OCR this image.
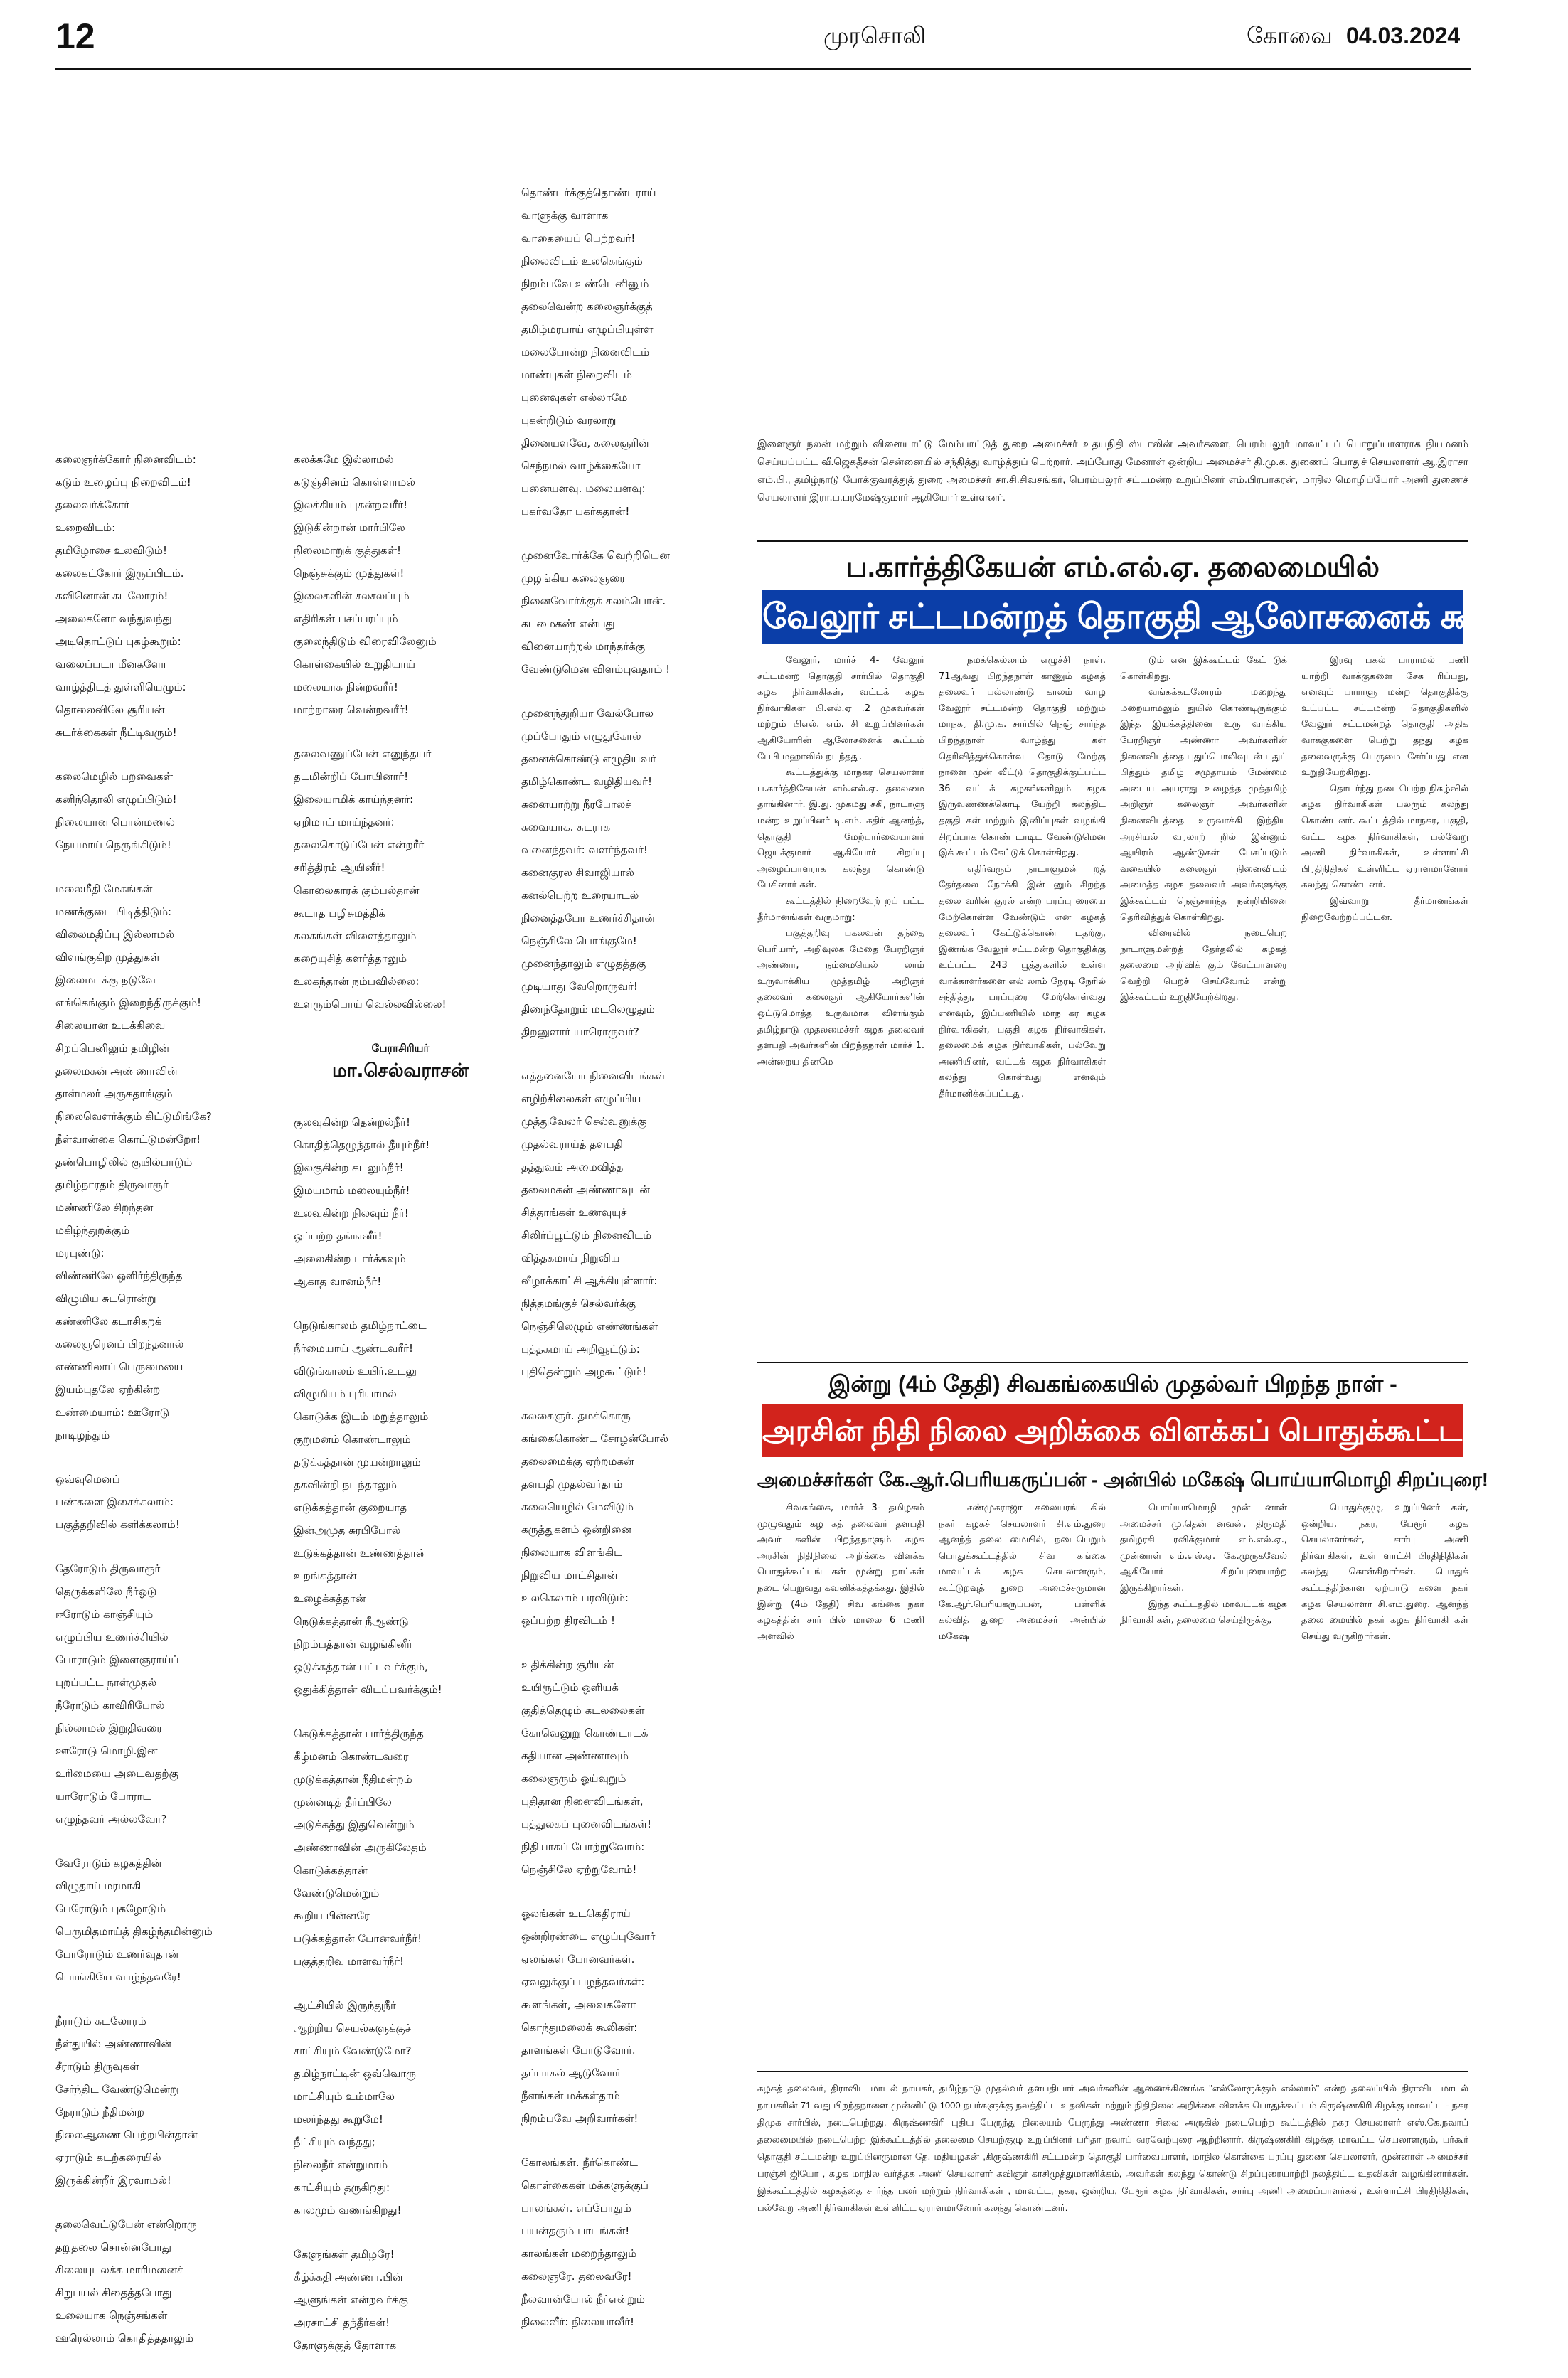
12	முரசொலி	கோவை 04.03.2024
கலைஞர்க்கோர் நினைவிடம்:
கடும் உழைப்பு நிறைவிடம்!
தலைவர்க்கோர்
உறைவிடம்:
தமிழோசை உலவிடும்!
கலைகட்கோர் இருப்பிடம்.
கவினொன் கடலோரம்!
அலைகளோ வந்துவந்து
அடிதொட்டுப் புகழ்கூறும்:
வலைப்படா மீனகளோ
வாழ்த்திடத் துள்ளியெழும்:
தொலைவிலே சூரியன்
சுடர்க்கைகள் நீட்டிவரும்!
கலைமெழில் பறவைகள்
கனிந்தொலி எழுப்பிடும்!
நிலையான பொன்மணல்
நேயமாய் நெருங்கிடும்!
மலைமீதி மேகங்கள்
மணக்குடை பிடித்திடும்:
விலைமதிப்பு இல்லாமல்
விளங்குகிற முத்துகள்
இலைமடக்கு நடுவே
எங்கெங்கும் இறைந்திருக்கும்!
சிலையான உடக்கிவை
சிறப்பெனிலும் தமிழின்
தலைமகன் அண்ணாவின்
தாள்மலர் அருகதாங்கும்
நிலைவெளர்க்கும் கிட்டுமிங்கே?
நீள்வான்கை கொட்டுமன்றோ!
தண்பொழிலில் குயில்பாடும்
தமிழ்நாரதம் திருவாரூர்
மண்ணிலே சிறந்தன
மகிழ்ந்துறக்கும்
மரபுண்டு:
விண்ணிலே ஒளிர்ந்திருந்த
விழுமிய சுடரொன்று
கண்ணிலே கடாசிகறக்
கலைஞரெனப் பிறந்தனால்
எண்ணிலாப் பெருமையை
இயம்புதலே ஏற்கின்ற
உண்மையாம்: ஊரோடு
நாடிழந்தும்
ஒவ்வுமெனப்
பண்களை இசைக்கலாம்:
பகுத்தறிவில் களிக்கலாம்!
தேரோடும் திருவாரூர்
தெருக்களிலே நீர்ஓடு
ஈரோடும் காஞ்சியும்
எழுப்பிய உணர்ச்சியில்
போராடும் இளைஞராய்ப்
புறப்பட்ட நாள்முதல்
நீரோடும் காவிரிபோல்
நில்லாமல் இறுதிவரை
ஊரோடு மொழி.இன
உரிமையை அடைவதற்கு
யாரோடும் போராட
எழுந்தவர் அல்லவோ?
வேரோடும் கழகத்தின்
விழுதாய் மரமாகி
பேரோடும் புகழோடும்
பெருமிதமாய்த் திகழ்ந்தமின்னும்
போரோடும் உணர்வுதான்
பொங்கியே வாழ்ந்தவரே!
நீராடும் கடலோரம்
நீள்துயில் அண்ணாவின்
சீராடும் திருவுகள்
சேர்ந்திட வேண்டுமென்று
நேராடும் நீதிமன்ற
நிலைஆணை பெற்றபின்தான்
ஏராடும் கடற்கரையில்
இருக்கின்றீர் இரவாமல்!
தலைவெட்டுபேன் என்றொரு
தறுதலை சொன்னபோது
சிலையுடலக்க மாரிமனைச்
சிறுபயல் சிதைத்தபோது
உலையாக நெஞ்சங்கள்
ஊரெல்லாம் கொதித்ததாலும்
கலக்கமே இல்லாமல்
கடுஞ்சினம் கொள்ளாமல்
இலக்கியம் புகன்றவரீர்!
இடுகின்றான் மார்பிலே
நிலைமாறுக் குத்துகள்!
நெஞ்சுக்கும் முத்துகள்!
இலைகளின் சலசலப்பும்
எதிரிகள் பசப்பரப்பும்
குலைந்திடும் விரைவிலேனும்
கொள்கையில் உறுதியாய்
மலையாக நின்றவரீர்!
மாற்றாரை வென்றவரீர்!
தலைவணுப்பேன் எனுந்தயா்
தடமின்றிப் போயினார்!
இலையாமிக் காய்ந்தனர்:
ஏறிமாய் மாய்ந்தனர்:
தலைகொடுப்பேன் என்றரீர்
சரித்திரம் ஆயினீர்!
கொலைகாரக் கும்பல்தான்
கூடாத பழிசுமத்திக்
கலகங்கள் விளைத்தாலும்
கறையுசித் களர்த்தாலும்
உலகந்தான் நம்பவில்லை:
உளரும்பொய் வெல்லவில்லை!
பேராசிரியர்
மா.செல்வராசன்
குலவுகின்ற தென்றல்நீர்!
கொதித்தெழுந்தால் தீயும்நீர்!
இலகுகின்ற கடலும்நீர்!
இமயமாம் மலையும்நீர்!
உலவுகின்ற நிலவும் நீர்!
ஒப்பற்ற தங்ஙனீர்!
அலைகின்ற பார்க்கவும்
ஆகாத வானம்நீர்!
நெடுங்காலம் தமிழ்நாட்டை
நீர்மையாய் ஆண்டவரீர்!
விடுங்காலம் உயிர்.உடலு
விழுமியம் புரியாமல்
கொடுக்க இடம் மறுத்தாலும்
குறுமனம் கொண்டாலும்
தடுக்கத்தான் முயன்றாலும்
தகவின்றி நடந்தாலும்
எடுக்கத்தான் குறையாத
இன்அமுத சுரபிபோல்
உடுக்கத்தான் உண்ணத்தான்
உறங்கத்தான்
உழைக்கத்தான்
நெடுக்கத்தான் நீஆண்டு
நிறம்பத்தான் வழங்கினீர்
ஒடுக்கத்தான் பட்டவர்க்கும்,
ஒதுக்கித்தான் விடப்பவர்க்கும்!
கெடுக்கத்தான் பார்த்திருந்த
கீழ்மனம் கொண்டவரை
முடுக்கத்தான் நீதிமன்றம்
முன்னடித் தீர்ப்பிலே
அடுக்கத்து இதுவென்றும்
அண்ணாவின் அருகிலேதம்
கொடுக்கத்தான்
வேண்டுமென்றும்
கூறிய பின்னரே
படுக்கத்தான் போனவர்நீர்!
பகுத்தறிவு மாளவர்நீர்!
ஆட்சியில் இருந்துநீர்
ஆற்றிய செயல்களுக்குச்
சாட்சியும் வேண்டுமோ?
தமிழ்நாட்டின் ஒவ்வொரு
மாட்சியும் உம்மாலே
மலர்ந்தது கூறுமே!
நீட்சியும் வந்தது;
நிலைநீர் என்றுமாம்
காட்சியும் தருகிறது:
காலமும் வணங்கிறது!
கேளுங்கள் தமிழரே!
கீழ்க்கதி அண்ணா.பின்
ஆளுங்கள் என்றவர்க்கு
அரசாட்சி தந்தீர்கள்!
தோளுக்குத் தோளாக
தொண்டர்க்குத்தொண்டராய்
வாளுக்கு வாளாக
வாகையைப் பெற்றவர்!
நிலைவிடம் உலகெங்கும்
நிறம்பவே உண்டெனினும்
தலைவென்ற கலைஞர்க்குத்
தமிழ்மரபாய் எழுப்பியுள்ள
மலைபோன்ற நினைவிடம்
மாண்புகள் நிறைவிடம்
புனைவுகள் எல்லாமே
புகன்றிடும் வரலாறு
தினையளவே, கலைஞரின்
செந்நமல் வாழ்க்கையோ
பனையளவு. மலையளவு:
பகர்வதோ பகர்கதான்!
முனைவோர்க்கே வெற்றியென
முழங்கிய கலைஞரை
நினைவோர்க்குக் கலம்பொன்.
கடமைகண் என்பது
வினையாற்றல் மாந்தர்க்கு
வேண்டுமென விளம்புவதாம் !
முனைந்துறியா வேல்போல
முப்போதும் எழுதுகோல்
தனைக்கொண்டு எழுதியவர்
தமிழ்கொண்ட வழிதியவர்!
சுனையாற்று நீரபோலச்
சுவையாக. சுடராக
வனைந்தவர்: வளர்ந்தவர்!
கனைகுரல சிவாஜியால்
கனல்பெற்ற உரையாடல்
நினைத்தபோ உணர்ச்சிதான்
நெஞ்சிலே பொங்குமே!
முனைந்தாலும் எழுதத்தகு
முடியாது வேறொருவர்!
திணந்தோறும் மடலெழுதும்
திறனுளார் யாரொருவர்?
எத்தனையோ நினைவிடங்கள்
எழிற்சிலைகள் எழுப்பிய
முத்துவேலர் செல்வனுக்கு
முதல்வராய்த் தளபதி
தத்துவம் அமைவித்த
தலைமகன் அண்ணாவுடன்
சித்தாங்கள் உணவுயுச்
சிலிர்ப்பூட்டும் நினைவிடம்
வித்தகமாய் நிறுவிய
வீழாக்காட்சி ஆக்கியுள்ளார்:
நித்தமங்குச் செல்வர்க்கு
நெஞ்சிலெழும் எண்ணங்கள்
புத்தகமாய் அறிவூட்டும்:
புதிதென்றும் அழகூட்டும்!
கலகைஞர். தமக்கொரு
கங்கைகொண்ட சோழன்போல்
தலைமைக்கு ஏற்றமகன்
தளபதி முதல்வர்தாம்
கலையெழில் மேவிடும்
கருத்துகளம் ஒன்றினை
நிலையாக விளங்கிட
நிறுவிய மாட்சிதான்
உலகெலாம் பரவிடும்:
ஒப்பற்ற திரவிடம் !
உதிக்கின்ற சூரியன்
உயிரூட்டும் ஒளியக்
குதித்தெழும் கடலலைகள்
கோவெனுறு கொண்டாடக்
கதியான அண்ணாவும்
கலைஞரும் ஓய்வுறும்
புதிதான நினைவிடங்கள்,
புத்துலகப் புனைவிடங்கள்!
நிதியாகப் போற்றுவோம்:
நெஞ்சிலே ஏற்றுவோம்!
ஓலங்கள் உடகெதிராய்
ஒன்றிரண்டை எழுப்புவோர்
ஏலங்கள் போனவர்கள்.
ஏவலுக்குப் பழந்தவர்கள்:
கூளங்கள், அவைகளோ
கொந்துமலைக் கூலிகள்:
தாளங்கள் போடுவோர்.
தப்பாகல் ஆடுவோர்
நீளங்கள் மக்கள்தாம்
நிறம்பவே அறிவார்கள்!
கோலங்கள். நீர்கொண்ட
கொள்கைகள் மக்களுக்குப்
பாலங்கள். எப்போதும்
பயன்தரும் பாடங்கள்!
காலங்கள் மறைந்தாலும்
கலைஞரே. தலைவரே!
நீலவான்போல் நீர்என்றும்
நிலைவீர்: நிலையாவீர்!
இளைஞர் நலன் மற்றும் விளையாட்டு மேம்பாட்டுத் துறை அமைச்சர் உதயநிதி ஸ்டாலின் அவர்களை, பெரம்பலூர் மாவட்டப் பொறுப்பாளராக நியமனம் செய்யப்பட்ட வீ.ஜெகதீசன் சென்னையில் சந்தித்து வாழ்த்துப் பெற்றார். அப்போது மேனாள் ஒன்றிய அமைச்சர் தி.மு.க. துணைப் பொதுச் செயலாளர் ஆ.இராசா எம்.பி., தமிழ்நாடு போக்குவரத்துத் துறை அமைச்சர் சா.சி.சிவசங்கர், பெரம்பலூர் சட்டமன்ற உறுப்பினர் எம்.பிரபாகரன், மாநில மொழிப்போர் அணி துணைச் செயலாளர் இரா.ப.பரமேஷ்குமார் ஆகியோர் உள்ளனர்.
ப.கார்த்திகேயன் எம்.எல்.ஏ. தலைமையில்
வேலூர் சட்டமன்றத் தொகுதி ஆலோசனைக் கூட்டம்!

வேலூர், மார்ச் 4- வேலூர் சட்டமன்ற தொகுதி சார்பில் தொகுதி கழக நிர்வாகிகள், வட்டக் கழக நிர்வாகிகள் பி.எல்.ஏ .2 முகவர்கள் மற்றும் பிஎல். எம். சி உறுப்பினர்கள் ஆகியோரின் ஆலோசனைக் கூட்டம் பேபி மஹாலில் நடந்தது.

கூட்டத்துக்கு மாநகர செயலாளர் ப.கார்த்திகேயன் எம்.எல்.ஏ. தலைமை தாங்கினார். இ.து. முகமது சகி, நாடாளு மன்ற உறுப்பினர் டி.எம். கதிர் ஆனந்த், தொகுதி மேற்பார்வையாளர் ஜெயக்குமார் ஆகியோர் சிறப்பு அழைப்பாளராக கலந்து கொண்டு பேசினார் கள்.

கூட்டத்தில் நிறைவேற் றப் பட்ட தீர்மானங்கள் வருமாறு:

பகுத்தறிவு பகலவன் தந்தை பெரியார், அறிவுலக மேதை பேரறிஞர் அண்ணா, நம்மையெல் லாம் உருவாக்கிய முத்தமிழ் அறிஞர் தலைவர் கலைஞர் ஆகியோர்களின் ஒட்டுமொத்த உருவமாக விளங்கும் தமிழ்நாடு முதலமைச்சர் கழக தலைவர் தளபதி அவர்களின் பிறந்தநாள் மார்ச் 1. அன்றைய தினமே

நமக்கெல்லாம் எழுச்சி நாள். 71ஆவது பிறந்தநாள் காணும் கழகத் தலைவர் பல்லாண்டு காலம் வாழ வேலூர் சட்டமன்ற தொகுதி மற்றும் மாநகர தி.மு.க. சார்பில் நெஞ் சார்ந்த பிறந்தநாள் வாழ்த்து கள் தெரிவித்துக்கொள்வ தோடு மேற்கு நாளை முன் வீட்டு தொகுதிக்குட்பட்ட 36 வட்டக் கழகங்களிலும் கழக இருவண்ணக்கொடி யேற்றி கலந்திட தகுதி கள் மற்றும் இனிப்புகள் வழங்கி சிறப்பாக கொண் டாடிட வேண்டுமென இக் கூட்டம் கேட்டுக் கொள்கிறது.

எதிர்வரும் நாடாளுமன் றத் தேர்தலை நோக்கி இன் னும் சிறந்த தலை வரின் குரல் என்ற பரப்பு ரையை மேற்கொள்ள வேண்டும் என கழகத் தலைவர் கேட்டுக்கொண் டதற்கு, இணங்க வேலூர் சட்டமன்ற தொகுதிக்கு உட்பட்ட 243 பூத்துகளில் உள்ள வாக்காளர்களை எல் லாம் நேரடி நேரில் சந்தித்து, பரப்புரை மேற்கொள்வது எனவும், இப்பணியில் மாந கர கழக நிர்வாகிகள், பகுதி கழக நிர்வாகிகள், தலைமைக் கழக நிர்வாகிகள், பல்வேறு அணியினர், வட்டக் கழக நிர்வாகிகள் கலந்து கொள்வது எனவும் தீர்மானிக்கப்பட்டது.

டும் என இக்கூட்டம் கேட் டுக் கொள்கிறது.

வங்கக்கடலோரம் மறைந்து மறையாமலும் துயில் கொண்டிருக்கும் இந்த இயக்கத்தினை உரு வாக்கிய பேரறிஞர் அண்ணா அவர்களின் நினைவிடத்தை புதுப்பொலிவுடன் புதுப் பித்தும் தமிழ் சமுதாயம் மேன்மை அடைய அயராது உழைத்த முத்தமிழ் அறிஞர் கலைஞர் அவர்களின் நினைவிடத்தை உருவாக்கி இந்திய அரசியல் வரலாற் றில் இன்னும் ஆயிரம் ஆண்டுகள் பேசப்படும் வகையில் கலைஞர் நினைவிடம் அமைத்த கழக தலைவர் அவர்களுக்கு இக்கூட்டம் நெஞ்சார்ந்த நன்றியினை தெரிவித்துக் கொள்கிறது.

விரைவில் நடைபெற நாடாளுமன்றத் தேர்தலில் கழகத் தலைமை அறிவிக் கும் வேட்பாளரை வெற்றி பெறச் செய்வோம் என்று இக்கூட்டம் உறுதியேற்கிறது.

இரவு பகல் பாராமல் பணி யாற்றி வாக்குகளை சேக ரிப்பது, எனவும் பாராளு மன்ற தொகுதிக்கு உட்பட்ட சட்டமன்ற தொகுதிகளில் வேலூர் சட்டமன்றத் தொகுதி அதிக வாக்குகளை பெற்று தந்து கழக தலைவருக்கு பெருமை சேர்ப்பது என உறுதியேற்கிறது.

தொடர்ந்து நடைபெற்ற நிகழ்வில் கழக நிர்வாகிகள் பலரும் கலந்து கொண்டனர். கூட்டத்தில் மாநகர, பகுதி, வட்ட கழக நிர்வாகிகள், பல்வேறு அணி நிர்வாகிகள், உள்ளாட்சி பிரதிநிதிகள் உள்ளிட்ட ஏராளமானோர் கலந்து கொண்டனர்.

இவ்வாறு தீர்மானங்கள் நிறைவேற்றப்பட்டன.

இன்று (4ம் தேதி) சிவகங்கையில் முதல்வர் பிறந்த நாள் -
அரசின் நிதி நிலை அறிக்கை விளக்கப் பொதுக்கூட்டம்!
அமைச்சர்கள் கே.ஆர்.பெரியகருப்பன் - அன்பில் மகேஷ் பொய்யாமொழி சிறப்புரை!

சிவகங்கை, மார்ச் 3- தமிழகம் முழுவதும் கழ கத் தலைவர் தளபதி அவர் களின் பிறந்தநாளும் கழக அரசின் நிதிநிலை அறிக்கை விளக்க பொதுக்கூட்டங் கள் மூன்று நாட்கள் நடை பெறுவது கவனிக்கத்தக்கது. இதில் இன்று (4ம் தேதி) சிவ கங்கை நகர் கழகத்தின் சார் பில் மாலை 6 மணி அளவில்

சண்முகராஜா கலையரங் கில் நகர் கழகச் செயலாளர் சி.எம்.துரை ஆனந்த் தலை மையில், நடைபெறும் பொதுக்கூட்டத்தில் சிவ கங்கை மாவட்டக் கழக செயலாளரும், கூட்டுறவுத் துறை அமைச்சருமான கே.ஆர்.பெரியகருப்பன், பள்ளிக் கல்வித் துறை அமைச்சர் அன்பில் மகேஷ்

பொய்யாமொழி முன் னாள் அமைச்சர் மு.தென் னவன், திருமதி தமிழரசி ரவிக்குமார் எம்.எல்.ஏ., முன்னாள் எம்.எல்.ஏ. கே.முருகவேல் ஆகியோர் சிறப்புரையாற்ற இருக்கிறார்கள்.

இந்த கூட்டத்தில் மாவட்டக் கழக நிர்வாகி கள், தலைமை செய்திருக்கு,

பொதுக்குழு, உறுப்பினர் கள், ஒன்றிய, நகர, பேரூர் கழக செயலாளர்கள், சார்பு அணி நிர்வாகிகள், உள் ளாட்சி பிரதிநிதிகள் கலந்து கொள்கிறார்கள். பொதுக் கூட்டத்திற்கான ஏற்பாடு களை நகர் கழக செயலாளர் சி.எம்.துரை. ஆனந்த் தலை மையில் நகர் கழக நிர்வாகி கள் செய்து வருகிறார்கள்.

கழகத் தலைவர், திராவிட மாடல் நாயகர், தமிழ்நாடு முதல்வர் தளபதியார் அவர்களின் ஆணைக்கிணங்க "எல்லோருக்கும் எல்லாம்" என்ற தலைப்பில் திராவிட மாடல் நாயகரின் 71 வது பிறந்தநாளை முன்னிட்டு 1000 நபர்களுக்கு நலத்திட்ட உதவிகள் மற்றும் நிதிநிலை அறிக்கை விளக்க பொதுக்கூட்டம் கிருஷ்ணகிரி கிழக்கு மாவட்ட - நகர திமுக சார்பில், நடைபெற்றது. கிருஷ்ணகிரி புதிய பேருந்து நிலையம் பேருந்து அண்ணா சிலை அருகில் நடைபெற்ற கூட்டத்தில் நகர செயலாளர் எஸ்.கே.நவாப் தலைமையில் நடைபெற்ற இக்கூட்டத்தில் தலைமை செயற்குழு உறுப்பினர் பரிதா நவாப் வரவேற்புரை ஆற்றினார். கிருஷ்ணகிரி கிழக்கு மாவட்ட செயலாளரும், பர்கூர் தொகுதி சட்டமன்ற உறுப்பினருமான தே. மதியழகன் ,கிருஷ்ணகிரி சட்டமன்ற தொகுதி பார்வையாளர், மாநில கொள்கை பரப்பு துணை செயலாளர், முன்னாள் அமைச்சர் பரஞ்சி ஜியோ , கழக மாநில வர்த்தக அணி செயலாளர் கவிஞர் காசிமுத்துமாணிக்கம், அவர்கள் கலந்து கொண்டு சிறப்புரையாற்றி நலத்திட்ட உதவிகள் வழங்கினார்கள். இக்கூட்டத்தில் கழகத்தை சார்ந்த பலர் மற்றும் நிர்வாகிகள் , மாவட்ட, நகர, ஒன்றிய, பேரூர் கழக நிர்வாகிகள், சார்பு அணி அமைப்பாளர்கள், உள்ளாட்சி பிரதிநிதிகள், பல்வேறு அணி நிர்வாகிகள் உள்ளிட்ட ஏராளமானோர் கலந்து கொண்டனர்.
